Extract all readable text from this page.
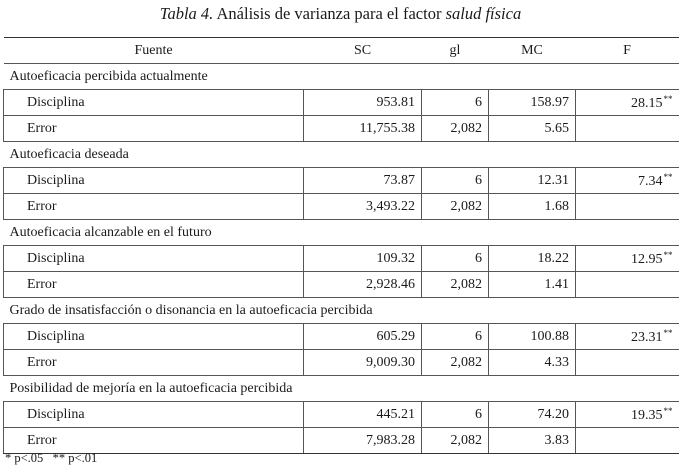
Tabla 4. Análisis de varianza para el factor salud física
Fuente	SC	gl	MC	F
Autoeficacia percibida actualmente				
Disciplina	953.81	6	158.97	28.15**
Error	11,755.38	2,082	5.65	
Autoeficacia deseada				
Disciplina	73.87	6	12.31	7.34**
Error	3,493.22	2,082	1.68	
Autoeficacia alcanzable en el futuro				
Disciplina	109.32	6	18.22	12.95**
Error	2,928.46	2,082	1.41	
Grado de insatisfacción o disonancia en la autoeficacia percibida				
Disciplina	605.29	6	100.88	23.31**
Error	9,009.30	2,082	4.33	
Posibilidad de mejoría en la autoeficacia percibida				
Disciplina	445.21	6	74.20	19.35**
Error	7,983.28	2,082	3.83	
* p<.05   ** p<.01
